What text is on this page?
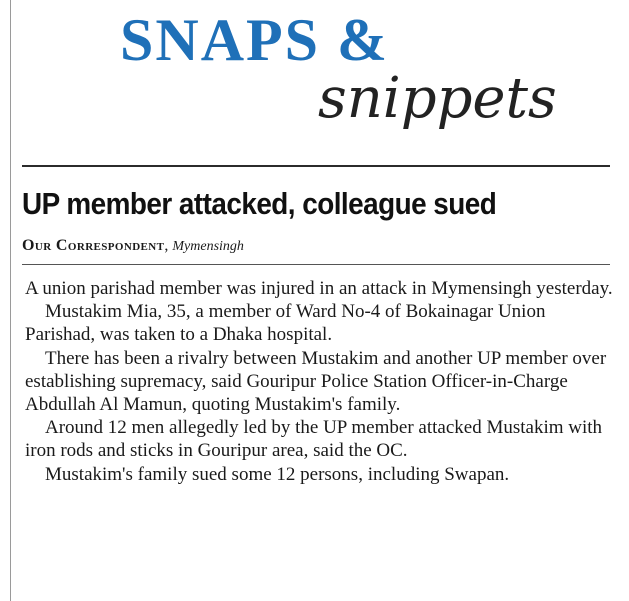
SNAPS &
snippets
UP member attacked, colleague sued
Our Correspondent, Mymensingh

A union parishad member was injured in an attack in Mymensingh yesterday.

Mustakim Mia, 35, a member of Ward No-4 of Bokainagar Union Parishad, was taken to a Dhaka hospital.

There has been a rivalry between Mustakim and another UP member over establishing supremacy, said Gouripur Police Station Officer-in-Charge Abdullah Al Mamun, quoting Mustakim's family.

Around 12 men allegedly led by the UP member attacked Mustakim with iron rods and sticks in Gouripur area, said the OC.

Mustakim's family sued some 12 persons, including Swapan.
